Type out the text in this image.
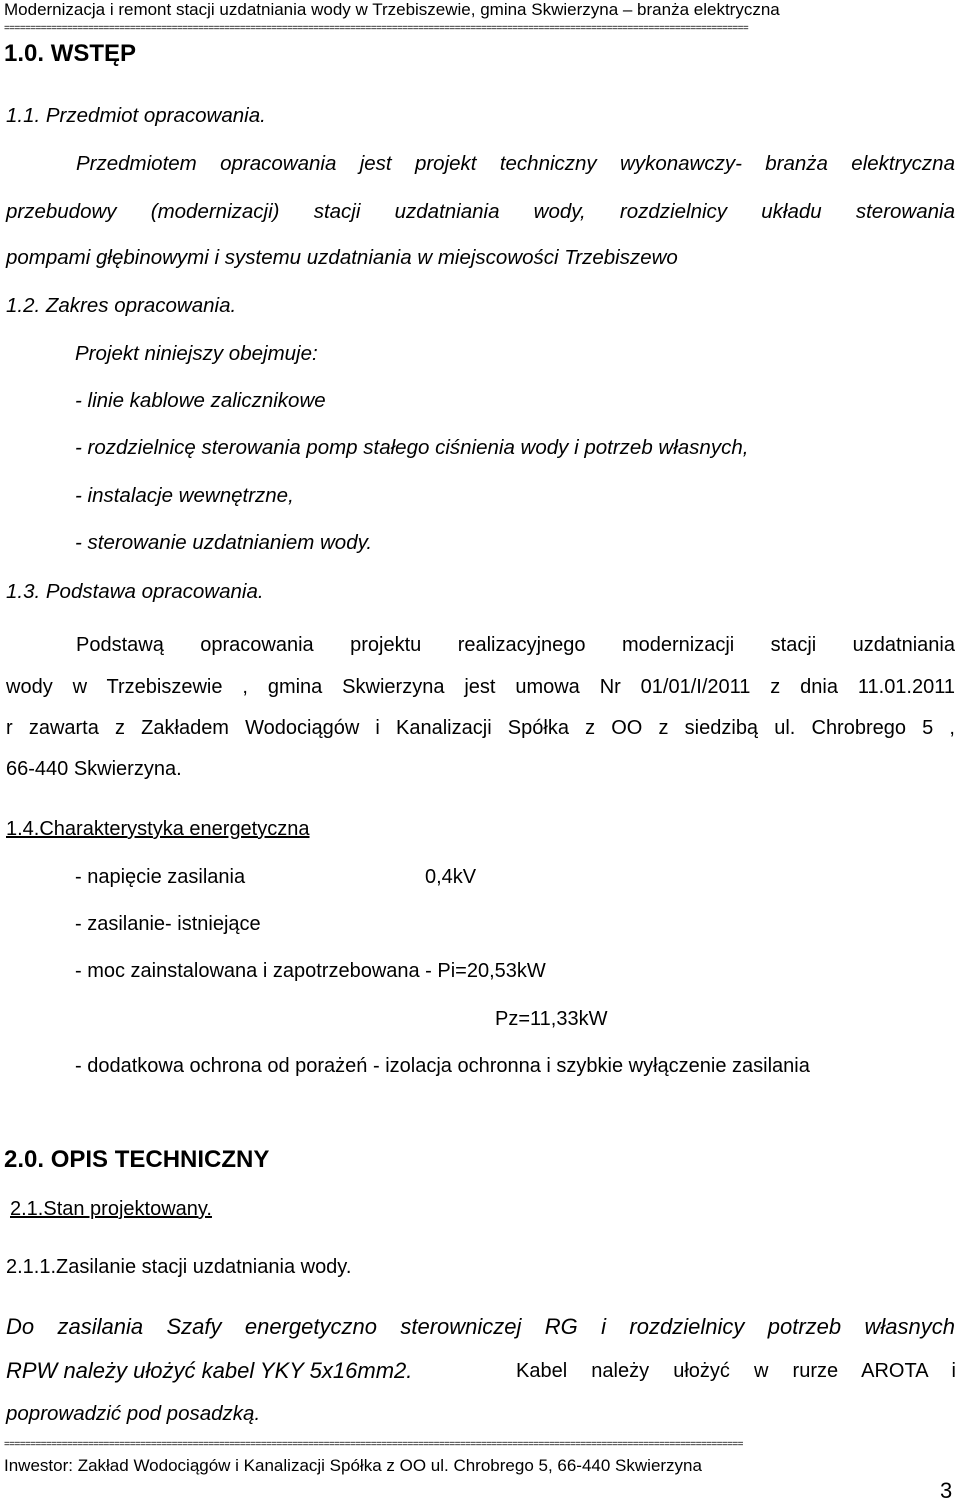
Modernizacja i remont stacji uzdatniania wody w Trzebiszewie, gmina Skwierzyna – branża elektryczna
==============================================================================================================================================
1.0. WSTĘP
1.1. Przedmiot opracowania.
Przedmiotem opracowania jest projekt techniczny wykonawczy- branża elektryczna
przebudowy (modernizacji) stacji uzdatniania wody, rozdzielnicy układu sterowania
pompami głębinowymi i systemu uzdatniania w miejscowości Trzebiszewo
1.2. Zakres opracowania.
Projekt niniejszy obejmuje:
- linie kablowe zalicznikowe
- rozdzielnicę sterowania pomp stałego ciśnienia wody i potrzeb własnych,
- instalacje wewnętrzne,
- sterowanie uzdatnianiem wody.
1.3. Podstawa opracowania.
Podstawą opracowania projektu realizacyjnego modernizacji stacji uzdatniania
wody w Trzebiszewie , gmina Skwierzyna jest umowa Nr 01/01/I/2011 z dnia 11.01.2011
r zawarta z Zakładem Wodociągów i Kanalizacji Spółka z OO z siedzibą ul. Chrobrego 5 ,
66-440 Skwierzyna.
1.4.Charakterystyka energetyczna
- napięcie zasilania	0,4kV
- zasilanie- istniejące
- moc zainstalowana i zapotrzebowana - Pi=20,53kW
Pz=11,33kW
- dodatkowa ochrona od porażeń - izolacja ochronna i szybkie wyłączenie zasilania
2.0. OPIS TECHNICZNY
2.1.Stan projektowany.
2.1.1.Zasilanie stacji uzdatniania wody.
Do zasilania Szafy energetyczno sterowniczej RG i rozdzielnicy potrzeb własnych
RPW należy ułożyć kabel YKY 5x16mm2.	Kabel należy ułożyć w rurze AROTA i
poprowadzić pod posadzką.
=============================================================================================================================================
Inwestor: Zakład Wodociągów i Kanalizacji Spółka z OO ul. Chrobrego 5, 66-440 Skwierzyna
3
